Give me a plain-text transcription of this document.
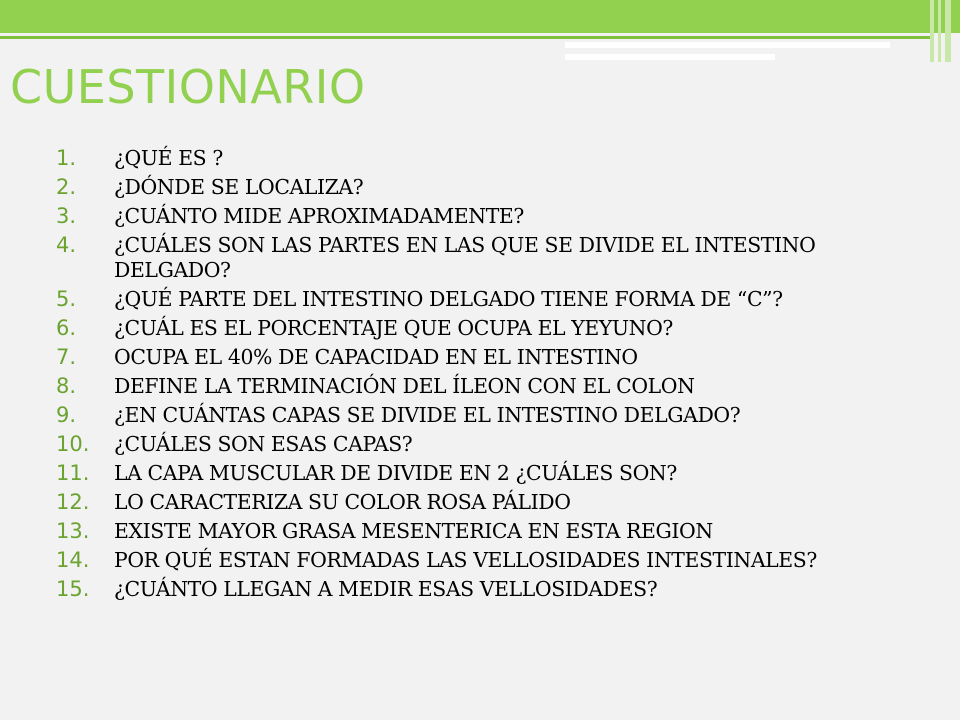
CUESTIONARIO
1.	¿QUÉ ES ?
2.	¿DÓNDE SE LOCALIZA?
3.	¿CUÁNTO MIDE APROXIMADAMENTE?
4.	¿CUÁLES SON LAS PARTES EN LAS QUE SE DIVIDE EL INTESTINO DELGADO?
5.	¿QUÉ PARTE DEL INTESTINO DELGADO TIENE FORMA DE “C”?
6.	¿CUÁL ES EL PORCENTAJE QUE OCUPA EL YEYUNO?
7.	OCUPA EL 40% DE CAPACIDAD EN EL INTESTINO
8.	DEFINE LA TERMINACIÓN DEL ÍLEON CON EL COLON
9.	¿EN CUÁNTAS CAPAS SE DIVIDE EL INTESTINO DELGADO?
10.	¿CUÁLES SON ESAS CAPAS?
11.	LA CAPA MUSCULAR DE DIVIDE EN 2 ¿CUÁLES SON?
12.	LO CARACTERIZA SU COLOR ROSA PÁLIDO
13.	EXISTE MAYOR GRASA MESENTERICA EN ESTA REGION
14.	POR QUÉ ESTAN FORMADAS LAS VELLOSIDADES INTESTINALES?
15.	¿CUÁNTO LLEGAN A MEDIR ESAS VELLOSIDADES?
